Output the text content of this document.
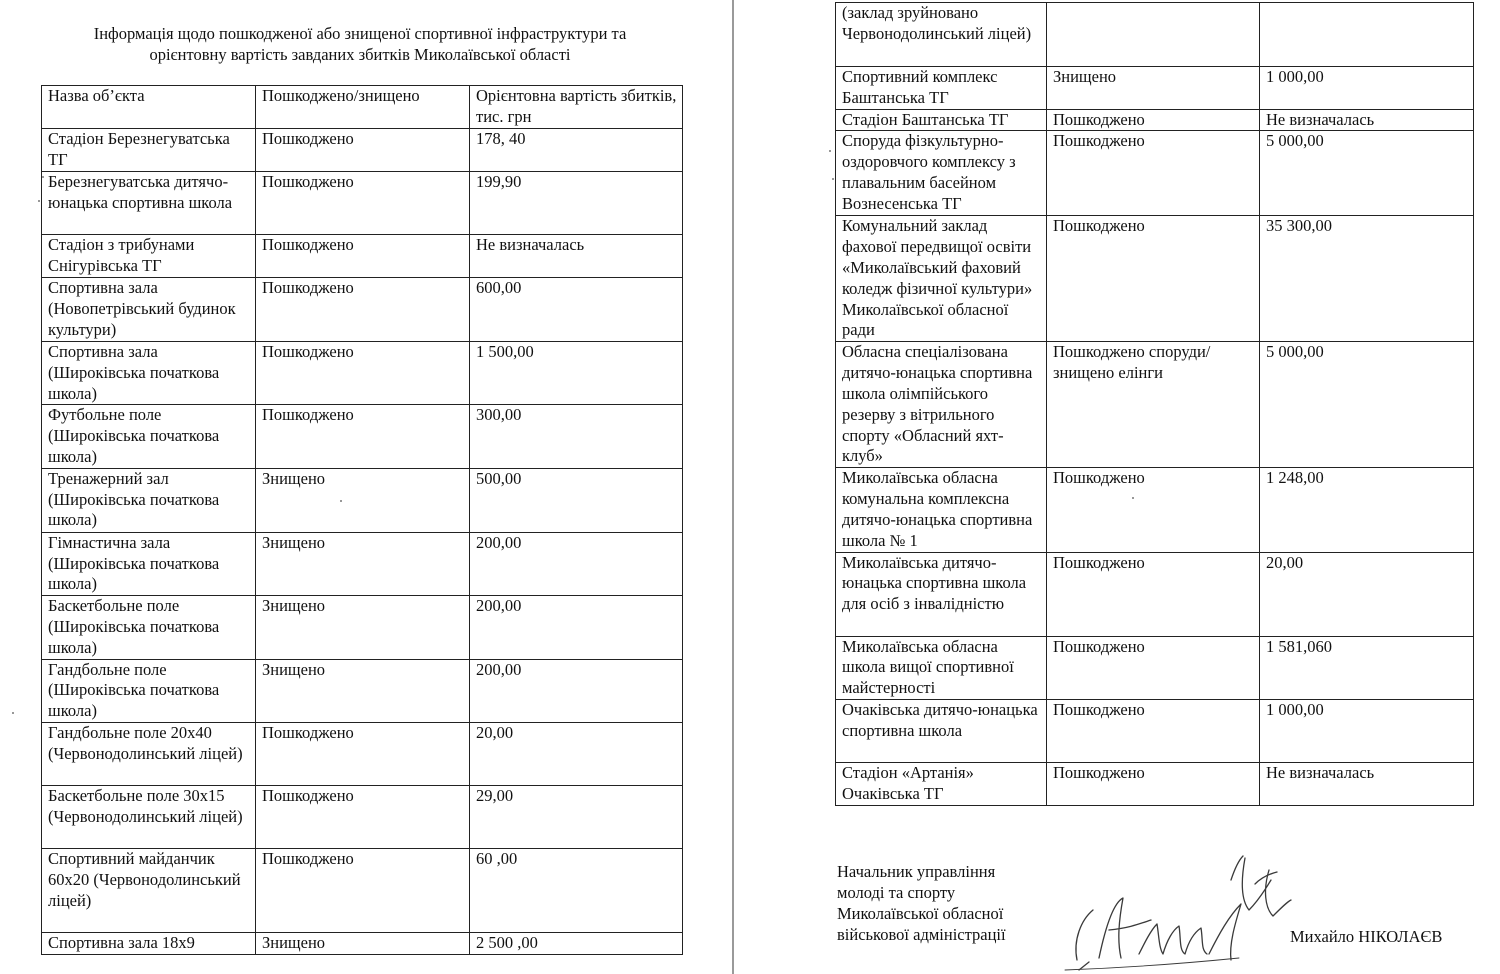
Інформація щодо пошкодженої або знищеної спортивної інфраструктури та
орієнтовну вартість завданих збитків Миколаївської області
Назва об’єкта	Пошкоджено/знищено	Орієнтовна вартість збитків, тис. грн
Стадіон Березнегуватська ТГ	Пошкоджено	178, 40
Березнегуватська дитячо-юнацька спортивна школа	Пошкоджено	199,90
Стадіон з трибунами Снігурівська ТГ	Пошкоджено	Не визначалась
Спортивна зала (Новопетрівський будинок культури)	Пошкоджено	600,00
Спортивна зала (Широківська початкова школа)	Пошкоджено	1 500,00
Футбольне поле (Широківська початкова школа)	Пошкоджено	300,00
Тренажерний зал (Широківська початкова школа)	Знищено	500,00
Гімнастична зала (Широківська початкова школа)	Знищено	200,00
Баскетбольне поле (Широківська початкова школа)	Знищено	200,00
Гандбольне поле (Широківська початкова школа)	Знищено	200,00
Гандбольне поле 20х40 (Червонодолинський ліцей)	Пошкоджено	20,00
Баскетбольне поле 30х15 (Червонодолинський ліцей)	Пошкоджено	29,00
Спортивний майданчик 60х20 (Червонодолинський ліцей)	Пошкоджено	60 ,00
Спортивна зала 18х9	Знищено	2 500 ,00
(заклад зруйновано Червонодолинський ліцей)		
Спортивний комплекс Баштанська ТГ	Знищено	1 000,00
Стадіон Баштанська ТГ	Пошкоджено	Не визначалась
Споруда фізкультурно-оздоровчого комплексу з плавальним басейном Вознесенська ТГ	Пошкоджено	5 000,00
Комунальний заклад фахової передвищої освіти «Миколаївський фаховий коледж фізичної культури» Миколаївської обласної ради	Пошкоджено	35 300,00
Обласна спеціалізована дитячо-юнацька спортивна школа олімпійського резерву з вітрильного спорту «Обласний яхт-клуб»	Пошкоджено споруди/ знищено елінги	5 000,00
Миколаївська обласна комунальна комплексна дитячо-юнацька спортивна школа № 1	Пошкоджено	1 248,00
Миколаївська дитячо-юнацька спортивна школа для осіб з інвалідністю	Пошкоджено	20,00
Миколаївська обласна школа вищої спортивної майстерності	Пошкоджено	1 581,060
Очаківська дитячо-юнацька спортивна школа	Пошкоджено	1 000,00
Стадіон «Артанія» Очаківська ТГ	Пошкоджено	Не визначалась
Начальник управління
молоді та спорту
Миколаївської обласної
військової адміністрації	Михайло НІКОЛАЄВ
